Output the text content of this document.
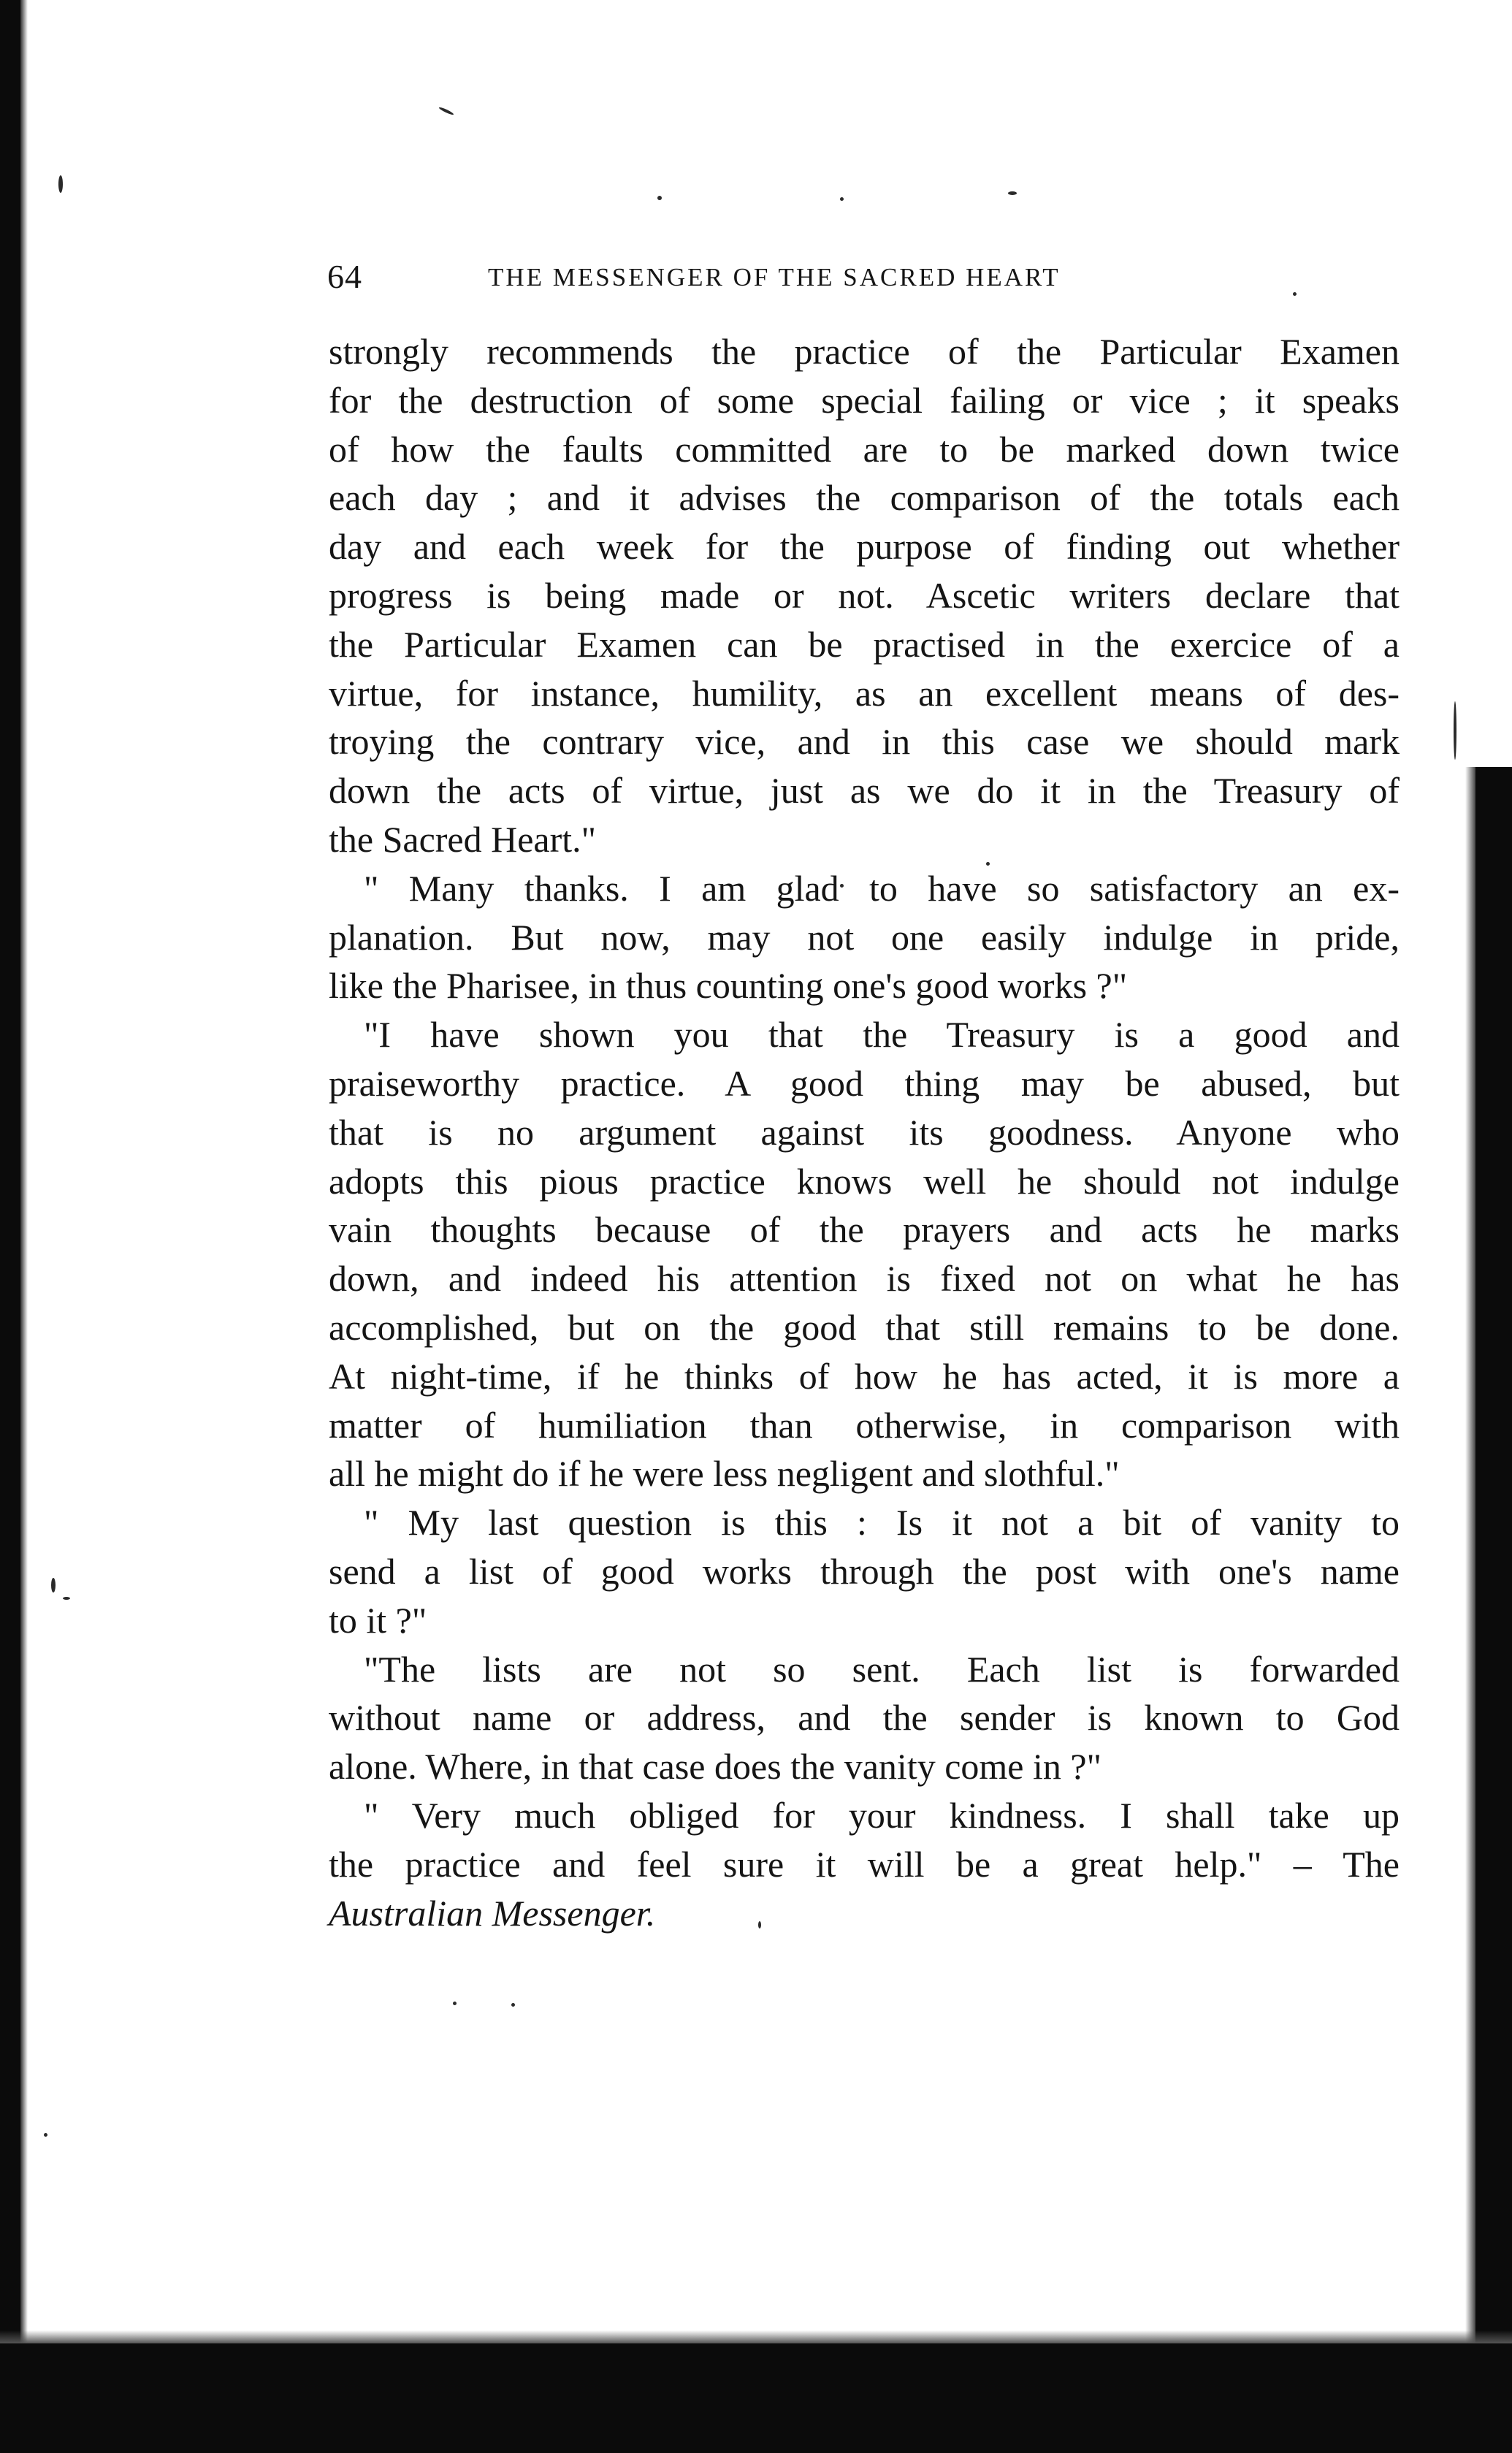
64	THE MESSENGER OF THE SACRED HEART
strongly recommends the practice of the Particular Examen
for the destruction of some special failing or vice ; it speaks
of how the faults committed are to be marked down twice
each day ; and it advises the comparison of the totals each
day and each week for the purpose of finding out whether
progress is being made or not. Ascetic writers declare that
the Particular Examen can be practised in the exercice of a
virtue, for instance, humility, as an excellent means of des-
troying the contrary vice, and in this case we should mark
down the acts of virtue, just as we do it in the Treasury of
the Sacred Heart."
" Many thanks. I am glad to have so satisfactory an ex-
planation. But now, may not one easily indulge in pride,
like the Pharisee, in thus counting one's good works ?"
"I have shown you that the Treasury is a good and
praiseworthy practice. A good thing may be abused, but
that is no argument against its goodness. Anyone who
adopts this pious practice knows well he should not indulge
vain thoughts because of the prayers and acts he marks
down, and indeed his attention is fixed not on what he has
accomplished, but on the good that still remains to be done.
At night-time, if he thinks of how he has acted, it is more a
matter of humiliation than otherwise, in comparison with
all he might do if he were less negligent and slothful."
" My last question is this : Is it not a bit of vanity to
send a list of good works through the post with one's name
to it ?"
"The lists are not so sent. Each list is forwarded
without name or address, and the sender is known to God
alone. Where, in that case does the vanity come in ?"
" Very much obliged for your kindness. I shall take up
the practice and feel sure it will be a great help." – The
Australian Messenger.
